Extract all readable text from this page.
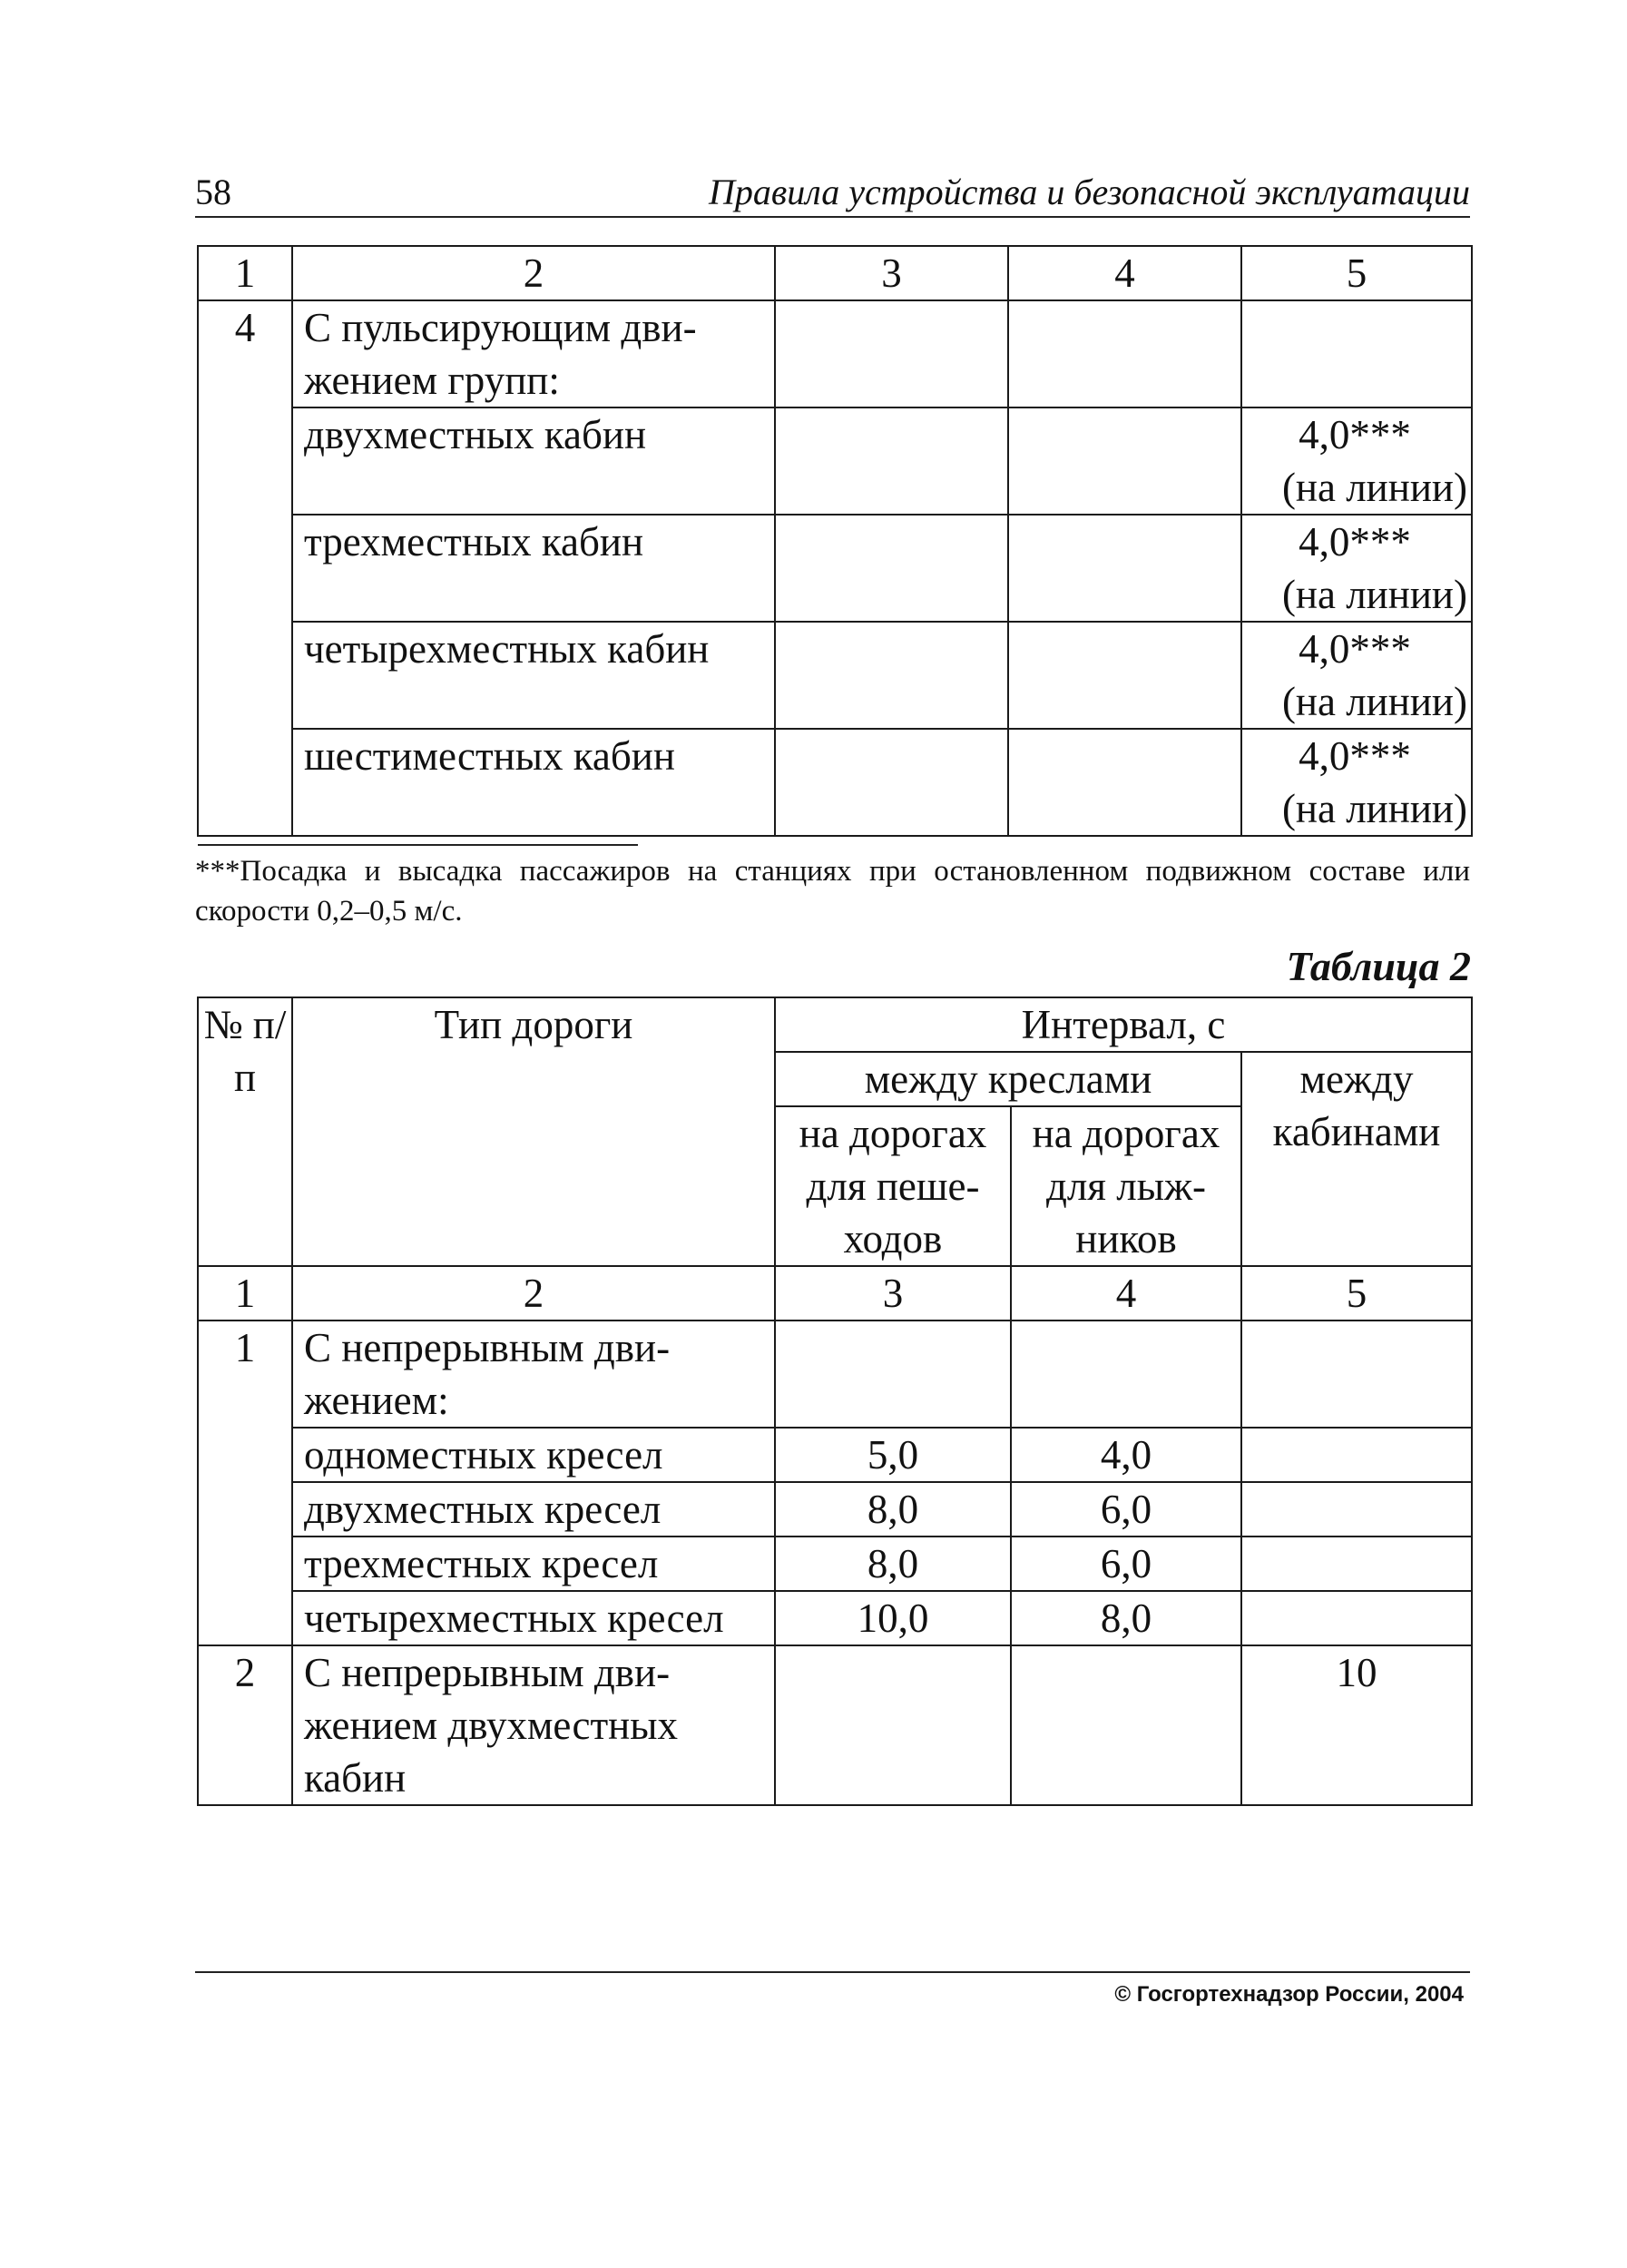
58	Правила устройства и безопасной эксплуатации
1	2	3	4	5
4	С пульсирующим дви-жением групп:			
	двухместных кабин			4,0***
(на линии)

	трехместных кабин			4,0***
(на линии)

	четырехместных кабин			4,0***
(на линии)

	шестиместных кабин			4,0***
(на линии)
***Посадка и высадка пассажиров на станциях при остановленном подвижном составе или скорости 0,2–0,5 м/с.
Таблица 2
№ п/п	Тип дороги	Интервал, с		
		между креслами		между кабинами
		на дорогах для пеше-ходов	на дорогах для лыж-ников	
1	2	3	4	5
1	С непрерывным дви-жением:			
	одноместных кресел	5,0	4,0	
	двухместных кресел	8,0	6,0	
	трехместных кресел	8,0	6,0	
	четырехместных кресел	10,0	8,0	
2	С непрерывным дви-жением двухместных кабин			10
© Госгортехнадзор России, 2004
